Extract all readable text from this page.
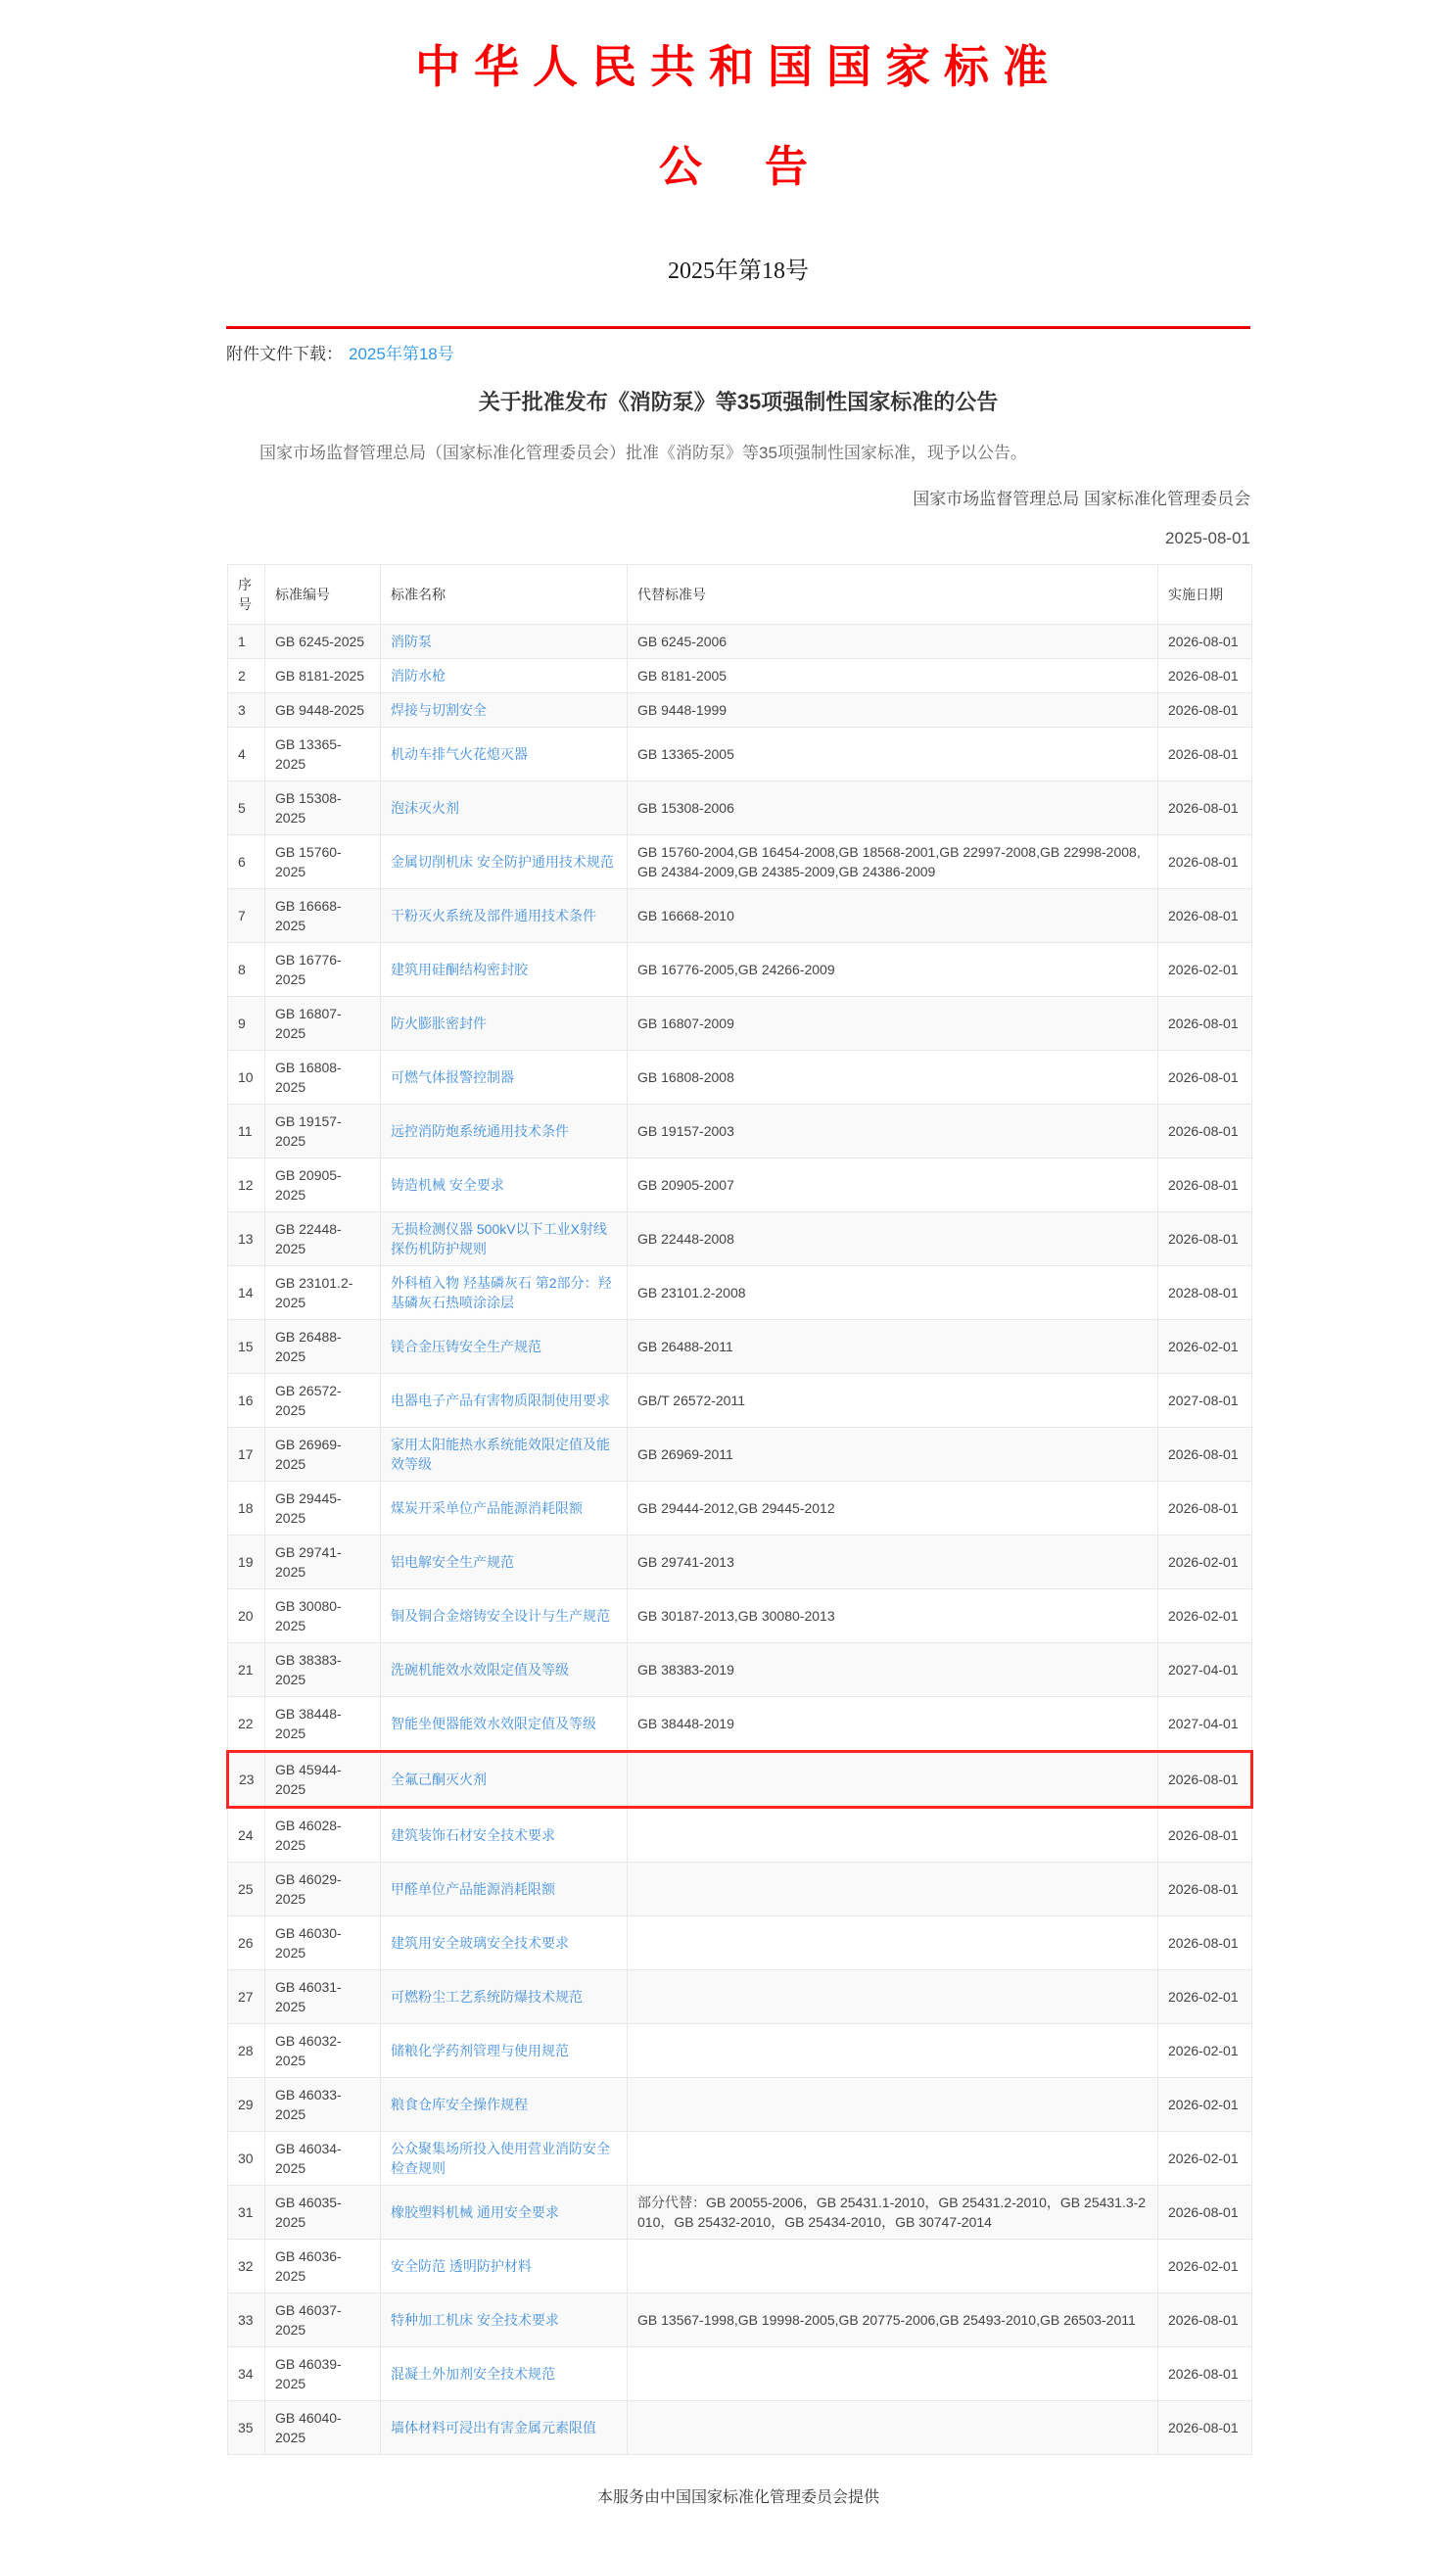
中华人民共和国国家标准
公　告
2025年第18号
附件文件下载： 2025年第18号
关于批准发布《消防泵》等35项强制性国家标准的公告

国家市场监督管理总局（国家标准化管理委员会）批准《消防泵》等35项强制性国家标准，现予以公告。

国家市场监督管理总局 国家标准化管理委员会
2025-08-01
序号	标准编号	标准名称	代替标准号	实施日期
1	GB 6245-2025	消防泵	GB 6245-2006	2026-08-01
2	GB 8181-2025	消防水枪	GB 8181-2005	2026-08-01
3	GB 9448-2025	焊接与切割安全	GB 9448-1999	2026-08-01
4	GB 13365-2025	机动车排气火花熄灭器	GB 13365-2005	2026-08-01
5	GB 15308-2025	泡沫灭火剂	GB 15308-2006	2026-08-01
6	GB 15760-2025	金属切削机床 安全防护通用技术规范	GB 15760-2004,GB 16454-2008,GB 18568-2001,GB 22997-2008,GB 22998-2008,GB 24384-2009,GB 24385-2009,GB 24386-2009	2026-08-01
7	GB 16668-2025	干粉灭火系统及部件通用技术条件	GB 16668-2010	2026-08-01
8	GB 16776-2025	建筑用硅酮结构密封胶	GB 16776-2005,GB 24266-2009	2026-02-01
9	GB 16807-2025	防火膨胀密封件	GB 16807-2009	2026-08-01
10	GB 16808-2025	可燃气体报警控制器	GB 16808-2008	2026-08-01
11	GB 19157-2025	远控消防炮系统通用技术条件	GB 19157-2003	2026-08-01
12	GB 20905-2025	铸造机械 安全要求	GB 20905-2007	2026-08-01
13	GB 22448-2025	无损检测仪器 500kV以下工业X射线探伤机防护规则	GB 22448-2008	2026-08-01
14	GB 23101.2-2025	外科植入物 羟基磷灰石 第2部分：羟基磷灰石热喷涂涂层	GB 23101.2-2008	2028-08-01
15	GB 26488-2025	镁合金压铸安全生产规范	GB 26488-2011	2026-02-01
16	GB 26572-2025	电器电子产品有害物质限制使用要求	GB/T 26572-2011	2027-08-01
17	GB 26969-2025	家用太阳能热水系统能效限定值及能效等级	GB 26969-2011	2026-08-01
18	GB 29445-2025	煤炭开采单位产品能源消耗限额	GB 29444-2012,GB 29445-2012	2026-08-01
19	GB 29741-2025	铝电解安全生产规范	GB 29741-2013	2026-02-01
20	GB 30080-2025	铜及铜合金熔铸安全设计与生产规范	GB 30187-2013,GB 30080-2013	2026-02-01
21	GB 38383-2025	洗碗机能效水效限定值及等级	GB 38383-2019	2027-04-01
22	GB 38448-2025	智能坐便器能效水效限定值及等级	GB 38448-2019	2027-04-01
23	GB 45944-2025	全氟己酮灭火剂		2026-08-01
24	GB 46028-2025	建筑装饰石材安全技术要求		2026-08-01
25	GB 46029-2025	甲醛单位产品能源消耗限额		2026-08-01
26	GB 46030-2025	建筑用安全玻璃安全技术要求		2026-08-01
27	GB 46031-2025	可燃粉尘工艺系统防爆技术规范		2026-02-01
28	GB 46032-2025	储粮化学药剂管理与使用规范		2026-02-01
29	GB 46033-2025	粮食仓库安全操作规程		2026-02-01
30	GB 46034-2025	公众聚集场所投入使用营业消防安全检查规则		2026-02-01
31	GB 46035-2025	橡胶塑料机械 通用安全要求	部分代替：GB 20055-2006，GB 25431.1-2010，GB 25431.2-2010，GB 25431.3-2010，GB 25432-2010，GB 25434-2010，GB 30747-2014	2026-08-01
32	GB 46036-2025	安全防范 透明防护材料		2026-02-01
33	GB 46037-2025	特种加工机床 安全技术要求	GB 13567-1998,GB 19998-2005,GB 20775-2006,GB 25493-2010,GB 26503-2011	2026-08-01
34	GB 46039-2025	混凝土外加剂安全技术规范		2026-08-01
35	GB 46040-2025	墙体材料可浸出有害金属元素限值		2026-08-01
本服务由中国国家标准化管理委员会提供
